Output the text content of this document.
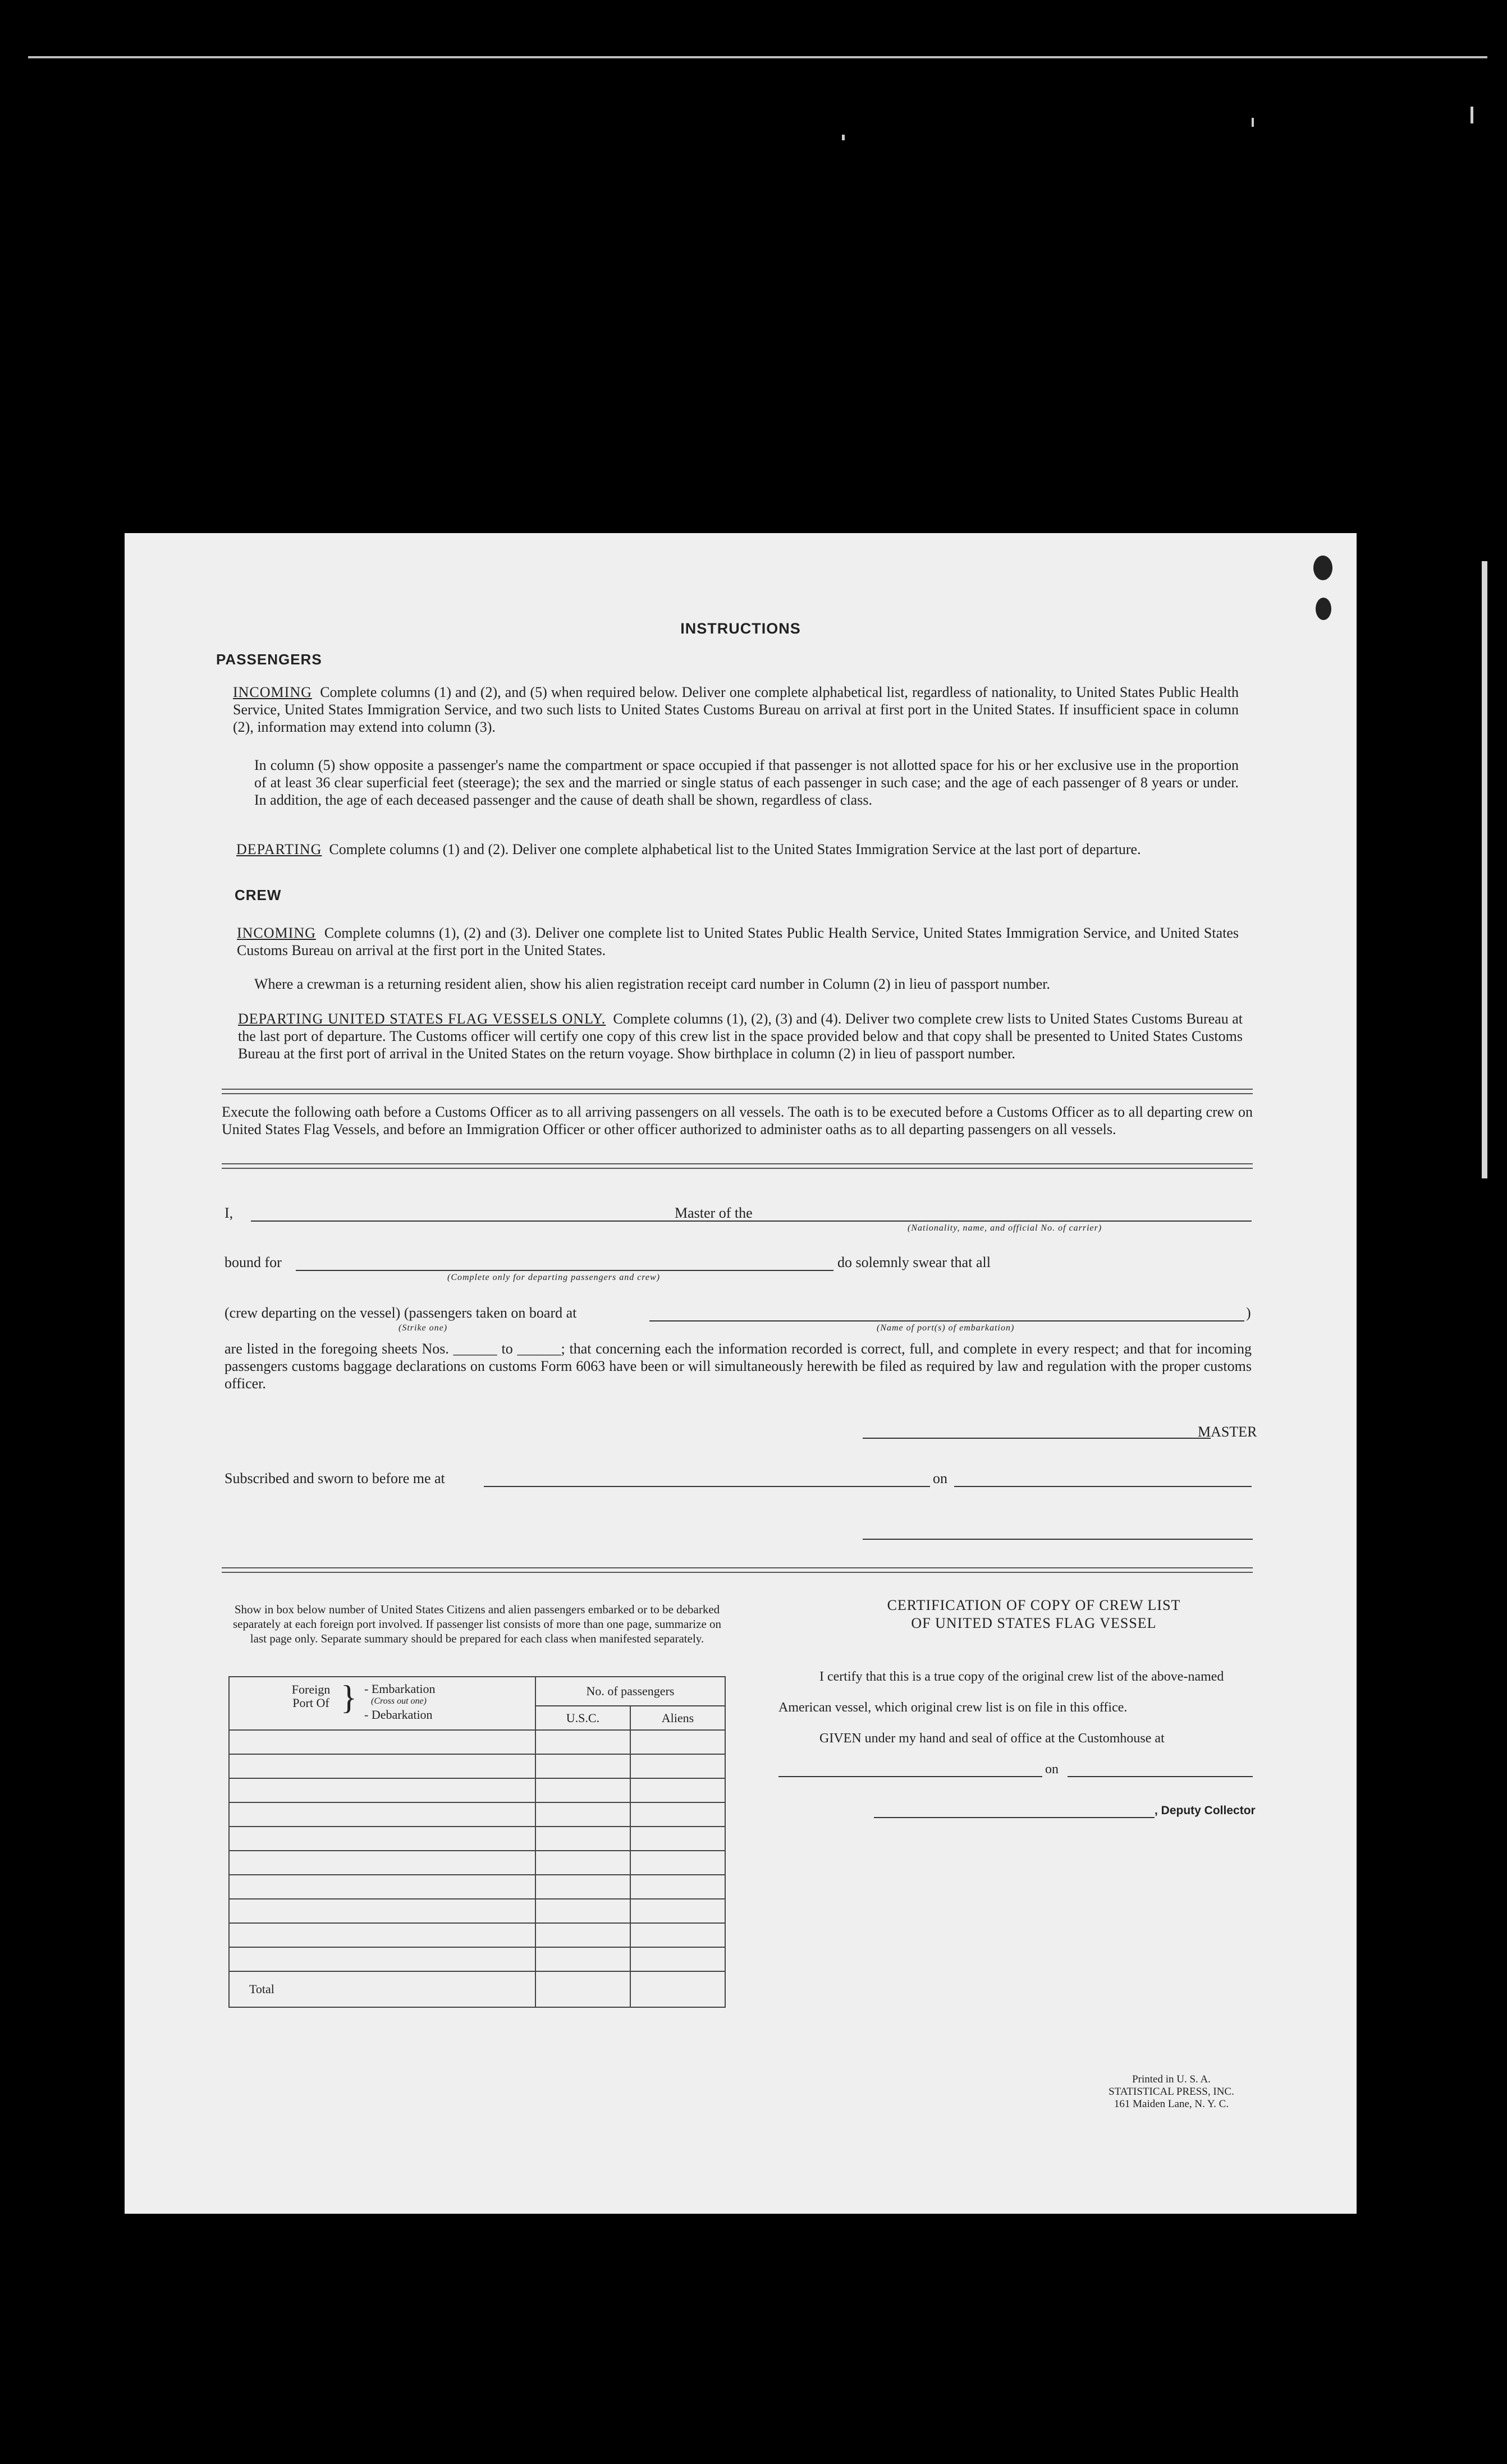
INSTRUCTIONS
PASSENGERS

INCOMING Complete columns (1) and (2), and (5) when required below. Deliver one complete alphabetical list, regardless of nationality, to United States Public Health Service, United States Immigration Service, and two such lists to United States Customs Bureau on arrival at first port in the United States. If insufficient space in column (2), information may extend into column (3).

In column (5) show opposite a passenger's name the compartment or space occupied if that passenger is not allotted space for his or her exclusive use in the proportion of at least 36 clear superficial feet (steerage); the sex and the married or single status of each passenger in such case; and the age of each passenger of 8 years or under. In addition, the age of each deceased passenger and the cause of death shall be shown, regardless of class.

DEPARTING Complete columns (1) and (2). Deliver one complete alphabetical list to the United States Immigration Service at the last port of departure.

CREW

INCOMING Complete columns (1), (2) and (3). Deliver one complete list to United States Public Health Service, United States Immigration Service, and United States Customs Bureau on arrival at the first port in the United States.

Where a crewman is a returning resident alien, show his alien registration receipt card number in Column (2) in lieu of passport number.

DEPARTING UNITED STATES FLAG VESSELS ONLY. Complete columns (1), (2), (3) and (4). Deliver two complete crew lists to United States Customs Bureau at the last port of departure. The Customs officer will certify one copy of this crew list in the space provided below and that copy shall be presented to United States Customs Bureau at the first port of arrival in the United States on the return voyage. Show birthplace in column (2) in lieu of passport number.

Execute the following oath before a Customs Officer as to all arriving passengers on all vessels. The oath is to be executed before a Customs Officer as to all departing crew on United States Flag Vessels, and before an Immigration Officer or other officer authorized to administer oaths as to all departing passengers on all vessels.

I,	Master of the
(Nationality, name, and official No. of carrier)
bound for
(Complete only for departing passengers and crew)
do solemnly swear that all
(crew departing on the vessel) (passengers taken on board at	)
(Strike one)	(Name of port(s) of embarkation)

are listed in the foregoing sheets Nos. ______ to ______; that concerning each the information recorded is correct, full, and complete in every respect; and that for incoming passengers customs baggage declarations on customs Form 6063 have been or will simultaneously herewith be filed as required by law and regulation with the proper customs officer.

MASTER
Subscribed and sworn to before me at	on
Show in box below number of United States Citizens and alien passengers embarked or to be debarked separately at each foreign port involved. If passenger list consists of more than one page, summarize on last page only. Separate summary should be prepared for each class when manifested separately.
Foreign Port Of } - Embarkation
(Cross out one)
- Debarkation	No. of passengers	
	U.S.C.	Aliens

Total		
CERTIFICATION OF COPY OF CREW LIST
OF UNITED STATES FLAG VESSEL
I certify that this is a true copy of the original crew list of the above-named
American vessel, which original crew list is on file in this office.
GIVEN under my hand and seal of office at the Customhouse at
on
, Deputy Collector
Printed in U. S. A.
STATISTICAL PRESS, INC.
161 Maiden Lane, N. Y. C.
